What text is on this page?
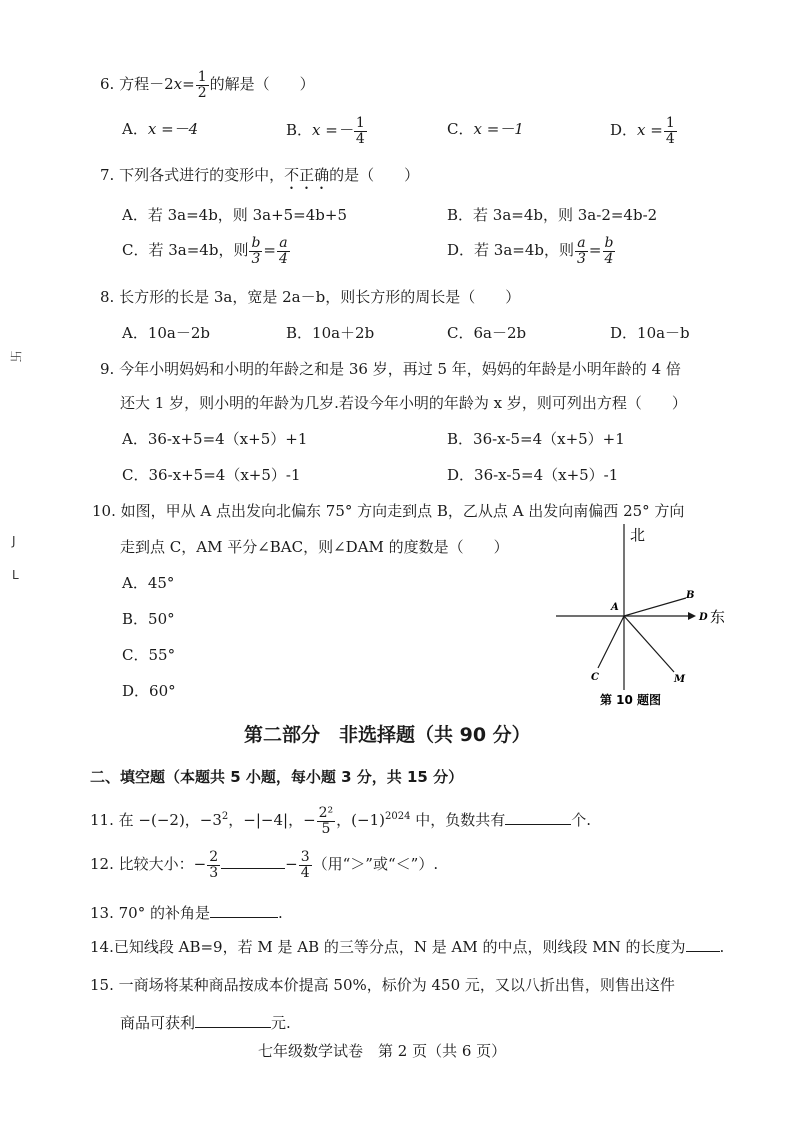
卐
J
L
6. 方程$-2x= \frac{1}{2}$ 的解是（　　）
A．x =－4	B．$x =- \frac{1}{4}$	C．x =－1	D．$x = \frac{1}{4}$
7. 下列各式进行的变形中，不正确的是（　　）
A．若 3a=4b，则 3a+5=4b+5	B．若 3a=4b，则 3a-2=4b-2
C．若 3a=4b，则 $\frac{b}{3} = \frac{a}{4}$	D．若 3a=4b，则 $\frac{a}{3} = \frac{b}{4}$
8. 长方形的长是 3a，宽是 2a－b，则长方形的周长是（　　）
A．10a－2b	B．10a＋2b	C．6a－2b	D．10a－b
9. 今年小明妈妈和小明的年龄之和是 36 岁，再过 5 年，妈妈的年龄是小明年龄的 4 倍
还大 1 岁，则小明的年龄为几岁.若设今年小明的年龄为 x 岁，则可列出方程（　　）
A．36-x+5=4（x+5）+1	B．36-x-5=4（x+5）+1
C．36-x+5=4（x+5）-1	D．36-x-5=4（x+5）-1
10. 如图，甲从 A 点出发向北偏东 75° 方向走到点 B，乙从点 A 出发向南偏西 25° 方向
走到点 C，AM 平分∠BAC，则∠DAM 的度数是（　　）
A．45°
B．50°
C．55°
D．60°
北
东
A
B
D
C	M
第 10 题图
第二部分　非选择题（共 90 分）
二、填空题（本题共 5 小题，每小题 3 分，共 15 分）
11. 在 −(−2)，$-3^2$，−|−4|，− $\frac{\text{2²}}{5}$ ，$(-1)^{2024}$ 中，负数共有	个.
12. 比较大小：− $\frac{2}{3}$	− $\frac{3}{4}$ （用“＞”或“＜”）.
13. 70° 的补角是	.
14.已知线段 AB=9，若 M 是 AB 的三等分点，N 是 AM 的中点，则线段 MN 的长度为 .
15. 一商场将某种商品按成本价提高 50%，标价为 450 元，又以八折出售，则售出这件
商品可获利	元.
七年级数学试卷　第 2 页（共 6 页）
